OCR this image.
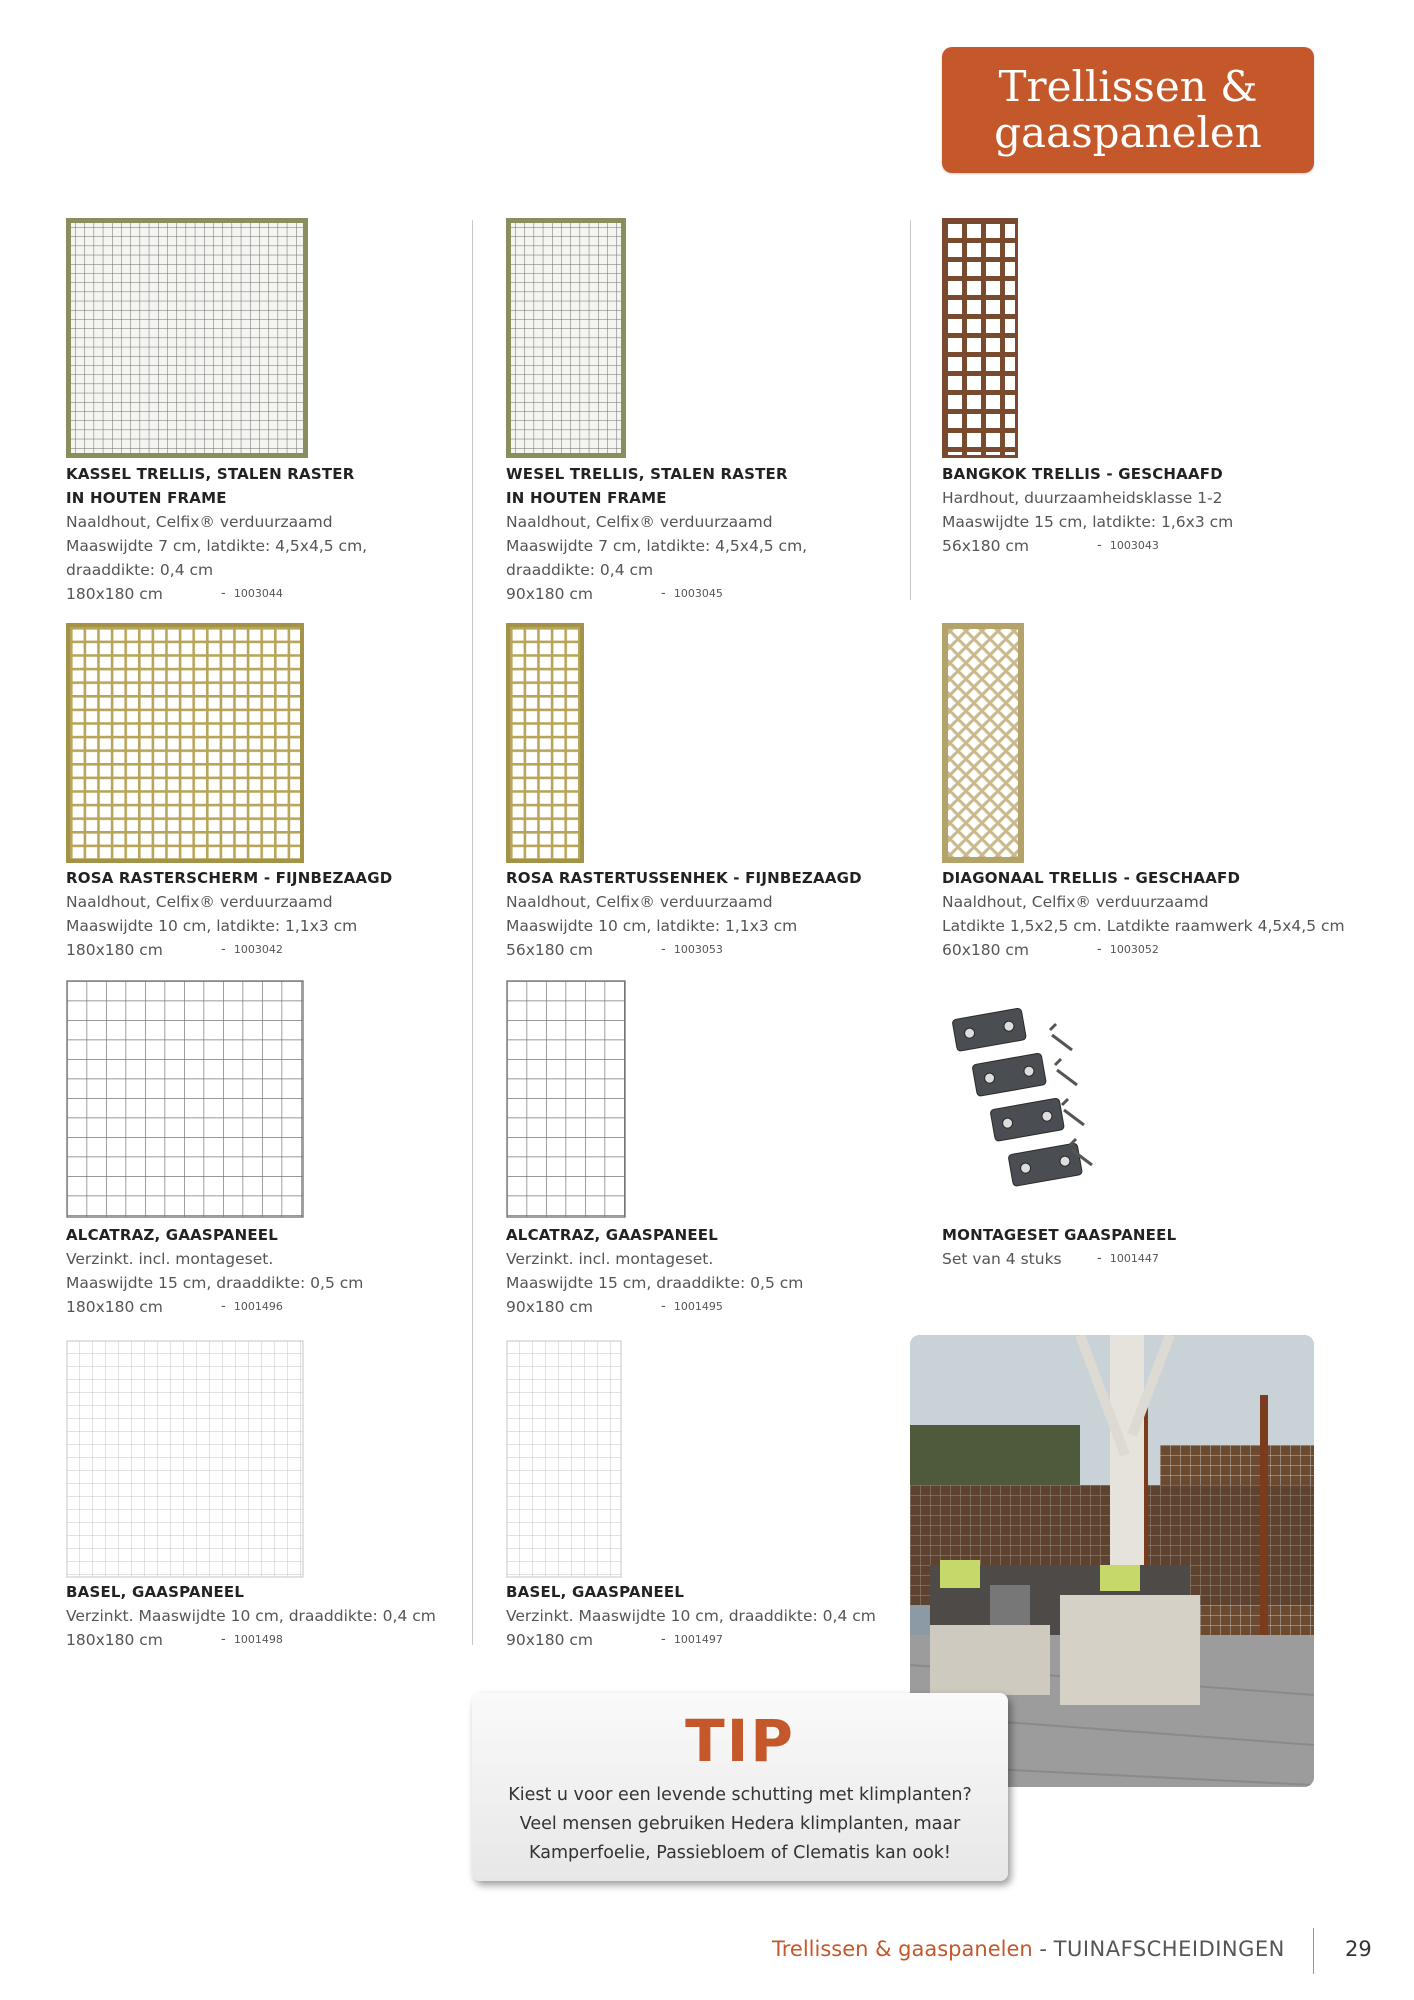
Trellissen &
gaaspanelen
KASSEL TRELLIS, STALEN RASTER
IN HOUTEN FRAME
Naaldhout, Celfix® verduurzaamd
Maaswijdte 7 cm, latdikte: 4,5x4,5 cm,
draaddikte: 0,4 cm
180x180 cm	- 1003044
WESEL TRELLIS, STALEN RASTER
IN HOUTEN FRAME
Naaldhout, Celfix® verduurzaamd
Maaswijdte 7 cm, latdikte: 4,5x4,5 cm,
draaddikte: 0,4 cm
90x180 cm	- 1003045
BANGKOK TRELLIS - GESCHAAFD
Hardhout, duurzaamheidsklasse 1-2
Maaswijdte 15 cm, latdikte: 1,6x3 cm
56x180 cm	- 1003043
ROSA RASTERSCHERM - FIJNBEZAAGD
Naaldhout, Celfix® verduurzaamd
Maaswijdte 10 cm, latdikte: 1,1x3 cm
180x180 cm	- 1003042
ROSA RASTERTUSSENHEK - FIJNBEZAAGD
Naaldhout, Celfix® verduurzaamd
Maaswijdte 10 cm, latdikte: 1,1x3 cm
56x180 cm	- 1003053
DIAGONAAL TRELLIS - GESCHAAFD
Naaldhout, Celfix® verduurzaamd
Latdikte 1,5x2,5 cm. Latdikte raamwerk 4,5x4,5 cm
60x180 cm	- 1003052
ALCATRAZ, GAASPANEEL
Verzinkt. incl. montageset.
Maaswijdte 15 cm, draaddikte: 0,5 cm
180x180 cm	- 1001496
ALCATRAZ, GAASPANEEL
Verzinkt. incl. montageset.
Maaswijdte 15 cm, draaddikte: 0,5 cm
90x180 cm	- 1001495
MONTAGESET GAASPANEEL
Set van 4 stuks	- 1001447
BASEL, GAASPANEEL
Verzinkt. Maaswijdte 10 cm, draaddikte: 0,4 cm
180x180 cm	- 1001498
BASEL, GAASPANEEL
Verzinkt. Maaswijdte 10 cm, draaddikte: 0,4 cm
90x180 cm	- 1001497
TIP
Kiest u voor een levende schutting met klimplanten?
Veel mensen gebruiken Hedera klimplanten, maar
Kamperfoelie, Passiebloem of Clematis kan ook!
Trellissen & gaaspanelen - TUINAFSCHEIDINGEN	29
